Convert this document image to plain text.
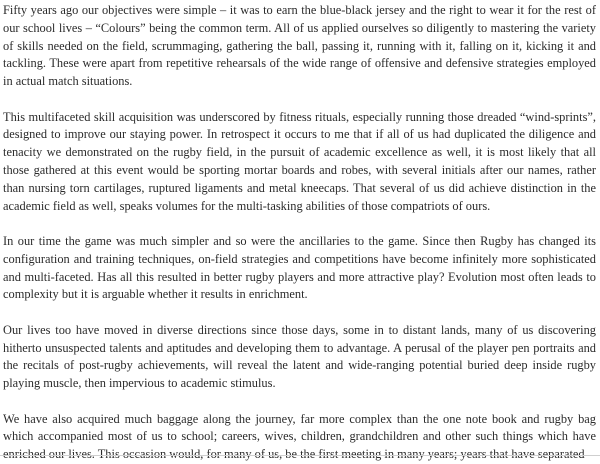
Fifty years ago our objectives were simple – it was to earn the blue-black jersey and the right to wear it for the rest of our school lives – “Colours” being the common term. All of us applied ourselves so diligently to mastering the variety of skills needed on the field, scrummaging, gathering the ball, passing it, running with it, falling on it, kicking it and tackling. These were apart from repetitive rehearsals of the wide range of offensive and defensive strategies employed in actual match situations.

This multifaceted skill acquisition was underscored by fitness rituals, especially running those dreaded “wind-sprints”, designed to improve our staying power. In retrospect it occurs to me that if all of us had duplicated the diligence and tenacity we demonstrated on the rugby field, in the pursuit of academic excellence as well, it is most likely that all those gathered at this event would be sporting mortar boards and robes, with several initials after our names, rather than nursing torn cartilages, ruptured ligaments and metal kneecaps. That several of us did achieve distinction in the academic field as well, speaks volumes for the multi-tasking abilities of those compatriots of ours.

In our time the game was much simpler and so were the ancillaries to the game. Since then Rugby has changed its configuration and training techniques, on-field strategies and competitions have become infinitely more sophisticated and multi-faceted. Has all this resulted in better rugby players and more attractive play? Evolution most often leads to complexity but it is arguable whether it results in enrichment.

Our lives too have moved in diverse directions since those days, some in to distant lands, many of us discovering hitherto unsuspected talents and aptitudes and developing them to advantage. A perusal of the player pen portraits and the recitals of post-rugby achievements, will reveal the latent and wide-ranging potential buried deep inside rugby playing muscle, then impervious to academic stimulus.

We have also acquired much baggage along the journey, far more complex than the one note book and rugby bag which accompanied most of us to school; careers, wives, children, grandchildren and other such things which have
